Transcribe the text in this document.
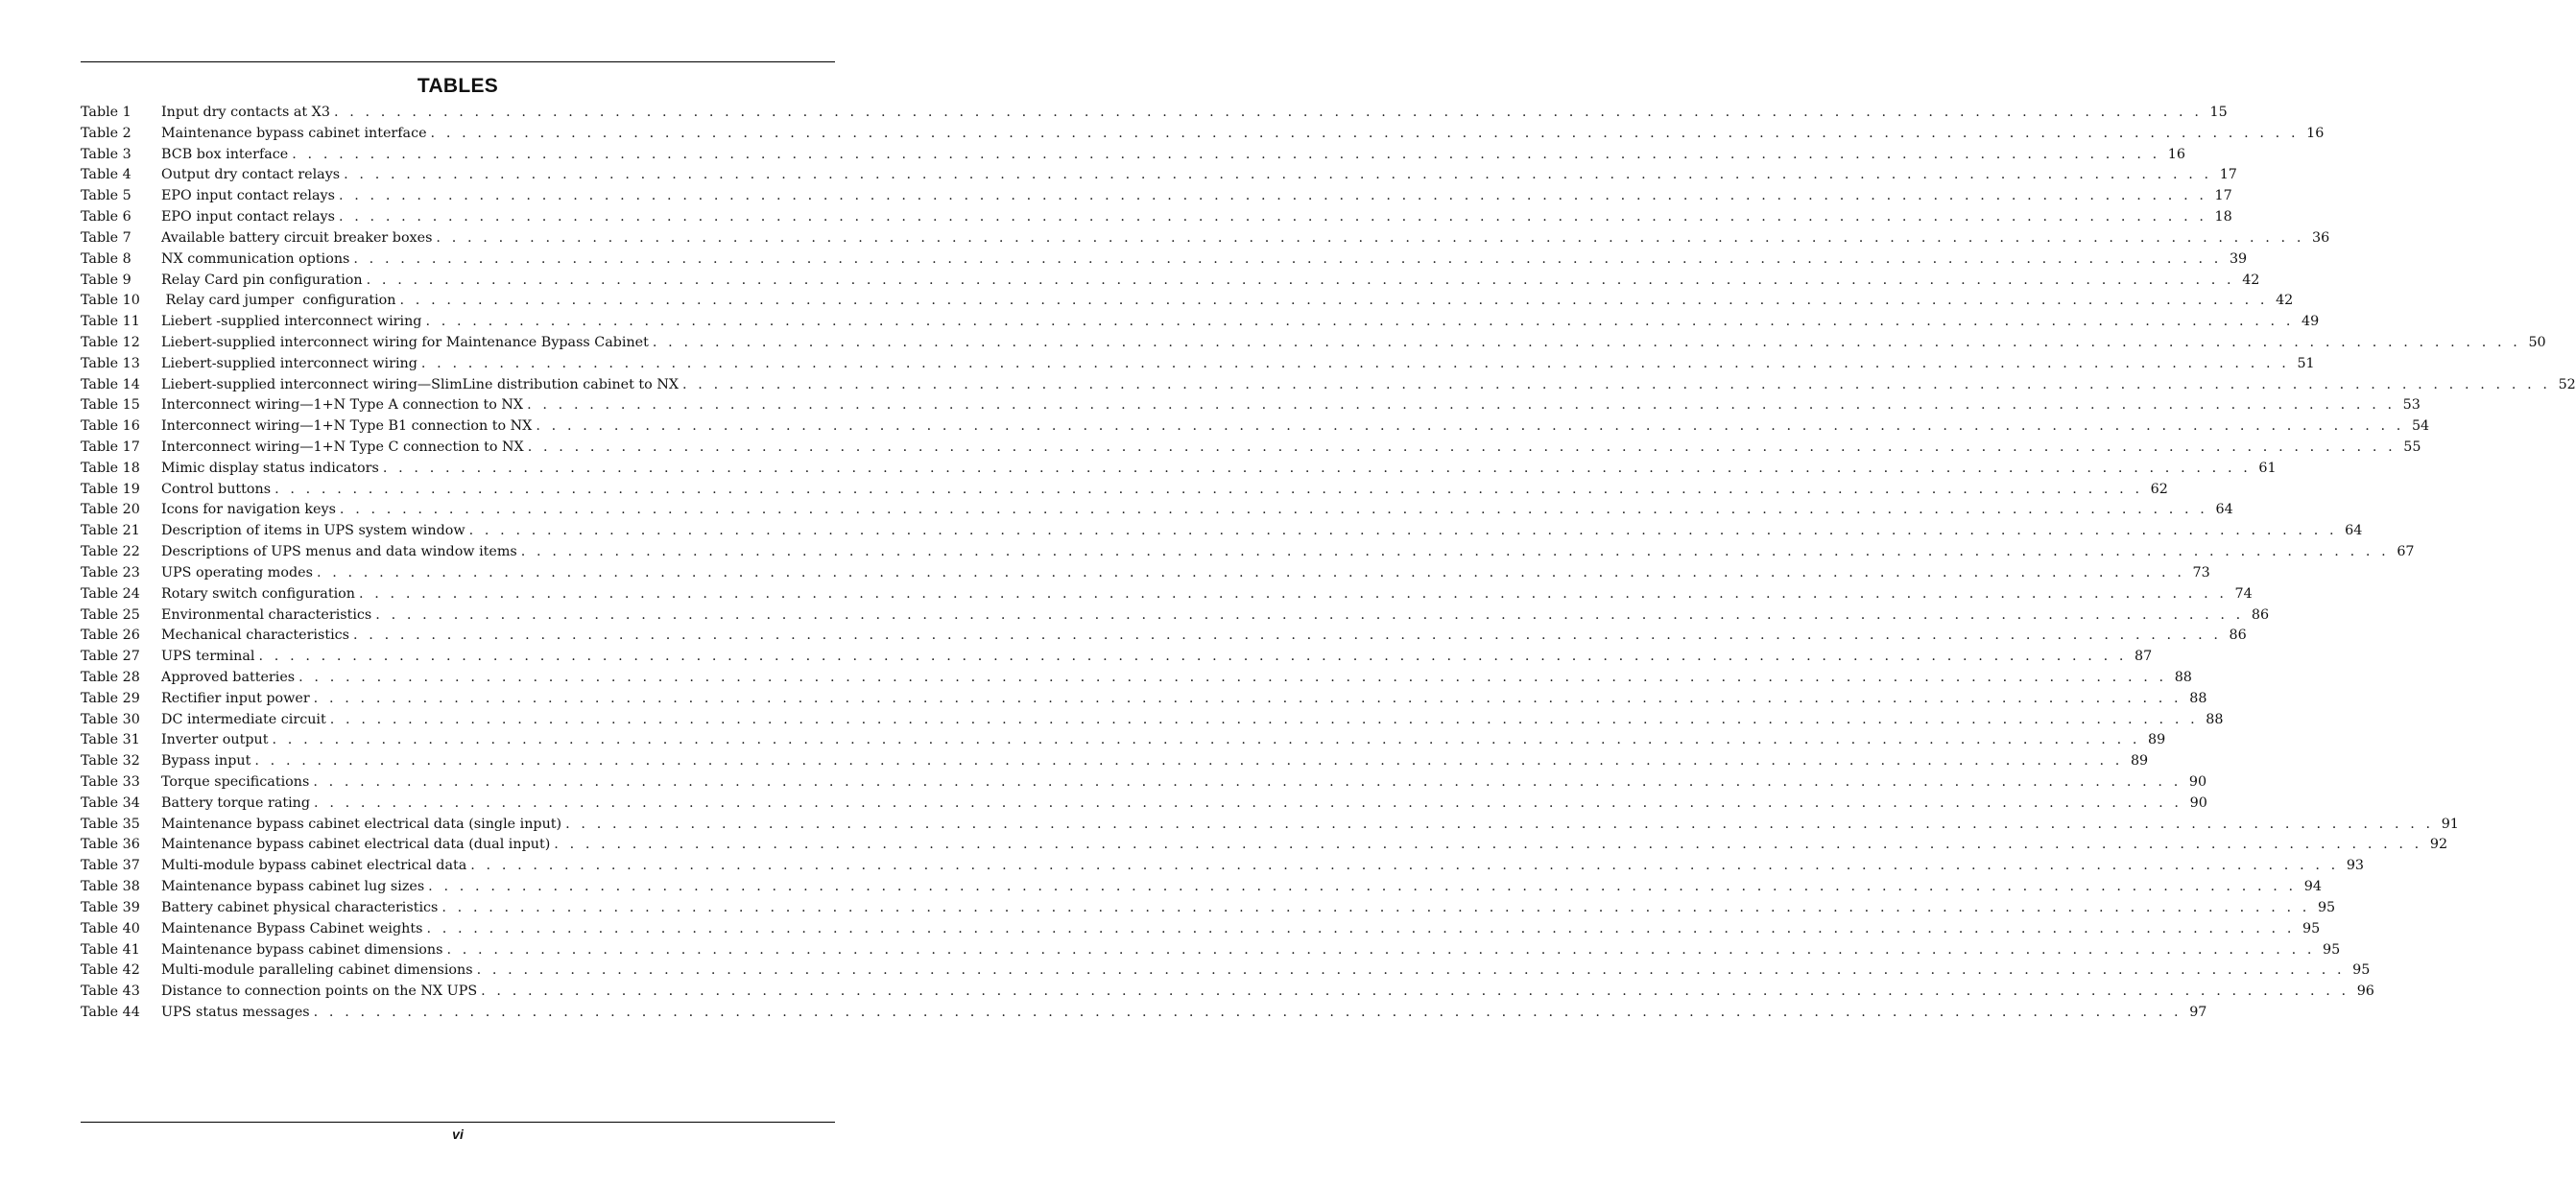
TABLES
Table 1 Input dry contacts at X3 . . . . . . . . . . . . . . . . . . . . . . . . . . . . . . . . . . . . . . . . . . . . . . . . . . . . . . . . . . . . . . . . . . . . . . . . . . . . . . . . . . . . . . . . . . . . . . . . . . . . . . . . . . . . . . . . . . . . . . . . 15
Table 2 Maintenance bypass cabinet interface . . . . . . . . . . . . . . . . . . . . . . . . . . . . . . . . . . . . . . . . . . . . . . . . . . . . . . . . . . . . . . . . . . . . . . . . . . . . . . . . . . . . . . . . . . . . . . . . . . . . . . . . . . . . . . . . . . . . . . . . 16
Table 3 BCB box interface . . . . . . . . . . . . . . . . . . . . . . . . . . . . . . . . . . . . . . . . . . . . . . . . . . . . . . . . . . . . . . . . . . . . . . . . . . . . . . . . . . . . . . . . . . . . . . . . . . . . . . . . . . . . . . . . . . . . . . . . 16
Table 4 Output dry contact relays . . . . . . . . . . . . . . . . . . . . . . . . . . . . . . . . . . . . . . . . . . . . . . . . . . . . . . . . . . . . . . . . . . . . . . . . . . . . . . . . . . . . . . . . . . . . . . . . . . . . . . . . . . . . . . . . . . . . . . . . 17
Table 5 EPO input contact relays . . . . . . . . . . . . . . . . . . . . . . . . . . . . . . . . . . . . . . . . . . . . . . . . . . . . . . . . . . . . . . . . . . . . . . . . . . . . . . . . . . . . . . . . . . . . . . . . . . . . . . . . . . . . . . . . . . . . . . . . 17
Table 6 EPO input contact relays . . . . . . . . . . . . . . . . . . . . . . . . . . . . . . . . . . . . . . . . . . . . . . . . . . . . . . . . . . . . . . . . . . . . . . . . . . . . . . . . . . . . . . . . . . . . . . . . . . . . . . . . . . . . . . . . . . . . . . . . 18
Table 7 Available battery circuit breaker boxes . . . . . . . . . . . . . . . . . . . . . . . . . . . . . . . . . . . . . . . . . . . . . . . . . . . . . . . . . . . . . . . . . . . . . . . . . . . . . . . . . . . . . . . . . . . . . . . . . . . . . . . . . . . . . . . . . . . . . . . . 36
Table 8 NX communication options . . . . . . . . . . . . . . . . . . . . . . . . . . . . . . . . . . . . . . . . . . . . . . . . . . . . . . . . . . . . . . . . . . . . . . . . . . . . . . . . . . . . . . . . . . . . . . . . . . . . . . . . . . . . . . . . . . . . . . . . 39
Table 9 Relay Card pin configuration . . . . . . . . . . . . . . . . . . . . . . . . . . . . . . . . . . . . . . . . . . . . . . . . . . . . . . . . . . . . . . . . . . . . . . . . . . . . . . . . . . . . . . . . . . . . . . . . . . . . . . . . . . . . . . . . . . . . . . . . 42
Table 10 Relay card jumper  configuration . . . . . . . . . . . . . . . . . . . . . . . . . . . . . . . . . . . . . . . . . . . . . . . . . . . . . . . . . . . . . . . . . . . . . . . . . . . . . . . . . . . . . . . . . . . . . . . . . . . . . . . . . . . . . . . . . . . . . . . . 42
Table 11 Liebert -supplied interconnect wiring . . . . . . . . . . . . . . . . . . . . . . . . . . . . . . . . . . . . . . . . . . . . . . . . . . . . . . . . . . . . . . . . . . . . . . . . . . . . . . . . . . . . . . . . . . . . . . . . . . . . . . . . . . . . . . . . . . . . . . . . 49
Table 12 Liebert-supplied interconnect wiring for Maintenance Bypass Cabinet . . . . . . . . . . . . . . . . . . . . . . . . . . . . . . . . . . . . . . . . . . . . . . . . . . . . . . . . . . . . . . . . . . . . . . . . . . . . . . . . . . . . . . . . . . . . . . . . . . . . . . . . . . . . . . . . . . . . . . . . 50
Table 13 Liebert-supplied interconnect wiring . . . . . . . . . . . . . . . . . . . . . . . . . . . . . . . . . . . . . . . . . . . . . . . . . . . . . . . . . . . . . . . . . . . . . . . . . . . . . . . . . . . . . . . . . . . . . . . . . . . . . . . . . . . . . . . . . . . . . . . . 51
Table 14 Liebert-supplied interconnect wiring—SlimLine distribution cabinet to NX . . . . . . . . . . . . . . . . . . . . . . . . . . . . . . . . . . . . . . . . . . . . . . . . . . . . . . . . . . . . . . . . . . . . . . . . . . . . . . . . . . . . . . . . . . . . . . . . . . . . . . . . . . . . . . . . . . . . . . . . 52
Table 15 Interconnect wiring—1+N Type A connection to NX . . . . . . . . . . . . . . . . . . . . . . . . . . . . . . . . . . . . . . . . . . . . . . . . . . . . . . . . . . . . . . . . . . . . . . . . . . . . . . . . . . . . . . . . . . . . . . . . . . . . . . . . . . . . . . . . . . . . . . . . 53
Table 16 Interconnect wiring—1+N Type B1 connection to NX . . . . . . . . . . . . . . . . . . . . . . . . . . . . . . . . . . . . . . . . . . . . . . . . . . . . . . . . . . . . . . . . . . . . . . . . . . . . . . . . . . . . . . . . . . . . . . . . . . . . . . . . . . . . . . . . . . . . . . . . 54
Table 17 Interconnect wiring—1+N Type C connection to NX . . . . . . . . . . . . . . . . . . . . . . . . . . . . . . . . . . . . . . . . . . . . . . . . . . . . . . . . . . . . . . . . . . . . . . . . . . . . . . . . . . . . . . . . . . . . . . . . . . . . . . . . . . . . . . . . . . . . . . . . 55
Table 18 Mimic display status indicators . . . . . . . . . . . . . . . . . . . . . . . . . . . . . . . . . . . . . . . . . . . . . . . . . . . . . . . . . . . . . . . . . . . . . . . . . . . . . . . . . . . . . . . . . . . . . . . . . . . . . . . . . . . . . . . . . . . . . . . . 61
Table 19 Control buttons . . . . . . . . . . . . . . . . . . . . . . . . . . . . . . . . . . . . . . . . . . . . . . . . . . . . . . . . . . . . . . . . . . . . . . . . . . . . . . . . . . . . . . . . . . . . . . . . . . . . . . . . . . . . . . . . . . . . . . . . 62
Table 20 Icons for navigation keys . . . . . . . . . . . . . . . . . . . . . . . . . . . . . . . . . . . . . . . . . . . . . . . . . . . . . . . . . . . . . . . . . . . . . . . . . . . . . . . . . . . . . . . . . . . . . . . . . . . . . . . . . . . . . . . . . . . . . . . . 64
Table 21 Description of items in UPS system window . . . . . . . . . . . . . . . . . . . . . . . . . . . . . . . . . . . . . . . . . . . . . . . . . . . . . . . . . . . . . . . . . . . . . . . . . . . . . . . . . . . . . . . . . . . . . . . . . . . . . . . . . . . . . . . . . . . . . . . . 64
Table 22 Descriptions of UPS menus and data window items . . . . . . . . . . . . . . . . . . . . . . . . . . . . . . . . . . . . . . . . . . . . . . . . . . . . . . . . . . . . . . . . . . . . . . . . . . . . . . . . . . . . . . . . . . . . . . . . . . . . . . . . . . . . . . . . . . . . . . . . 67
Table 23 UPS operating modes . . . . . . . . . . . . . . . . . . . . . . . . . . . . . . . . . . . . . . . . . . . . . . . . . . . . . . . . . . . . . . . . . . . . . . . . . . . . . . . . . . . . . . . . . . . . . . . . . . . . . . . . . . . . . . . . . . . . . . . . 73
Table 24 Rotary switch configuration . . . . . . . . . . . . . . . . . . . . . . . . . . . . . . . . . . . . . . . . . . . . . . . . . . . . . . . . . . . . . . . . . . . . . . . . . . . . . . . . . . . . . . . . . . . . . . . . . . . . . . . . . . . . . . . . . . . . . . . . 74
Table 25 Environmental characteristics . . . . . . . . . . . . . . . . . . . . . . . . . . . . . . . . . . . . . . . . . . . . . . . . . . . . . . . . . . . . . . . . . . . . . . . . . . . . . . . . . . . . . . . . . . . . . . . . . . . . . . . . . . . . . . . . . . . . . . . . 86
Table 26 Mechanical characteristics . . . . . . . . . . . . . . . . . . . . . . . . . . . . . . . . . . . . . . . . . . . . . . . . . . . . . . . . . . . . . . . . . . . . . . . . . . . . . . . . . . . . . . . . . . . . . . . . . . . . . . . . . . . . . . . . . . . . . . . . 86
Table 27 UPS terminal . . . . . . . . . . . . . . . . . . . . . . . . . . . . . . . . . . . . . . . . . . . . . . . . . . . . . . . . . . . . . . . . . . . . . . . . . . . . . . . . . . . . . . . . . . . . . . . . . . . . . . . . . . . . . . . . . . . . . . . . 87
Table 28 Approved batteries . . . . . . . . . . . . . . . . . . . . . . . . . . . . . . . . . . . . . . . . . . . . . . . . . . . . . . . . . . . . . . . . . . . . . . . . . . . . . . . . . . . . . . . . . . . . . . . . . . . . . . . . . . . . . . . . . . . . . . . . 88
Table 29 Rectifier input power . . . . . . . . . . . . . . . . . . . . . . . . . . . . . . . . . . . . . . . . . . . . . . . . . . . . . . . . . . . . . . . . . . . . . . . . . . . . . . . . . . . . . . . . . . . . . . . . . . . . . . . . . . . . . . . . . . . . . . . . 88
Table 30 DC intermediate circuit . . . . . . . . . . . . . . . . . . . . . . . . . . . . . . . . . . . . . . . . . . . . . . . . . . . . . . . . . . . . . . . . . . . . . . . . . . . . . . . . . . . . . . . . . . . . . . . . . . . . . . . . . . . . . . . . . . . . . . . . 88
Table 31 Inverter output . . . . . . . . . . . . . . . . . . . . . . . . . . . . . . . . . . . . . . . . . . . . . . . . . . . . . . . . . . . . . . . . . . . . . . . . . . . . . . . . . . . . . . . . . . . . . . . . . . . . . . . . . . . . . . . . . . . . . . . . 89
Table 32 Bypass input . . . . . . . . . . . . . . . . . . . . . . . . . . . . . . . . . . . . . . . . . . . . . . . . . . . . . . . . . . . . . . . . . . . . . . . . . . . . . . . . . . . . . . . . . . . . . . . . . . . . . . . . . . . . . . . . . . . . . . . . 89
Table 33 Torque specifications . . . . . . . . . . . . . . . . . . . . . . . . . . . . . . . . . . . . . . . . . . . . . . . . . . . . . . . . . . . . . . . . . . . . . . . . . . . . . . . . . . . . . . . . . . . . . . . . . . . . . . . . . . . . . . . . . . . . . . . . 90
Table 34 Battery torque rating . . . . . . . . . . . . . . . . . . . . . . . . . . . . . . . . . . . . . . . . . . . . . . . . . . . . . . . . . . . . . . . . . . . . . . . . . . . . . . . . . . . . . . . . . . . . . . . . . . . . . . . . . . . . . . . . . . . . . . . . 90
Table 35 Maintenance bypass cabinet electrical data (single input) . . . . . . . . . . . . . . . . . . . . . . . . . . . . . . . . . . . . . . . . . . . . . . . . . . . . . . . . . . . . . . . . . . . . . . . . . . . . . . . . . . . . . . . . . . . . . . . . . . . . . . . . . . . . . . . . . . . . . . . . 91
Table 36 Maintenance bypass cabinet electrical data (dual input) . . . . . . . . . . . . . . . . . . . . . . . . . . . . . . . . . . . . . . . . . . . . . . . . . . . . . . . . . . . . . . . . . . . . . . . . . . . . . . . . . . . . . . . . . . . . . . . . . . . . . . . . . . . . . . . . . . . . . . . . 92
Table 37 Multi-module bypass cabinet electrical data . . . . . . . . . . . . . . . . . . . . . . . . . . . . . . . . . . . . . . . . . . . . . . . . . . . . . . . . . . . . . . . . . . . . . . . . . . . . . . . . . . . . . . . . . . . . . . . . . . . . . . . . . . . . . . . . . . . . . . . . 93
Table 38 Maintenance bypass cabinet lug sizes . . . . . . . . . . . . . . . . . . . . . . . . . . . . . . . . . . . . . . . . . . . . . . . . . . . . . . . . . . . . . . . . . . . . . . . . . . . . . . . . . . . . . . . . . . . . . . . . . . . . . . . . . . . . . . . . . . . . . . . . 94
Table 39 Battery cabinet physical characteristics . . . . . . . . . . . . . . . . . . . . . . . . . . . . . . . . . . . . . . . . . . . . . . . . . . . . . . . . . . . . . . . . . . . . . . . . . . . . . . . . . . . . . . . . . . . . . . . . . . . . . . . . . . . . . . . . . . . . . . . . 95
Table 40 Maintenance Bypass Cabinet weights . . . . . . . . . . . . . . . . . . . . . . . . . . . . . . . . . . . . . . . . . . . . . . . . . . . . . . . . . . . . . . . . . . . . . . . . . . . . . . . . . . . . . . . . . . . . . . . . . . . . . . . . . . . . . . . . . . . . . . . . 95
Table 41 Maintenance bypass cabinet dimensions . . . . . . . . . . . . . . . . . . . . . . . . . . . . . . . . . . . . . . . . . . . . . . . . . . . . . . . . . . . . . . . . . . . . . . . . . . . . . . . . . . . . . . . . . . . . . . . . . . . . . . . . . . . . . . . . . . . . . . . . 95
Table 42 Multi-module paralleling cabinet dimensions . . . . . . . . . . . . . . . . . . . . . . . . . . . . . . . . . . . . . . . . . . . . . . . . . . . . . . . . . . . . . . . . . . . . . . . . . . . . . . . . . . . . . . . . . . . . . . . . . . . . . . . . . . . . . . . . . . . . . . . . 95
Table 43 Distance to connection points on the NX UPS . . . . . . . . . . . . . . . . . . . . . . . . . . . . . . . . . . . . . . . . . . . . . . . . . . . . . . . . . . . . . . . . . . . . . . . . . . . . . . . . . . . . . . . . . . . . . . . . . . . . . . . . . . . . . . . . . . . . . . . . 96
Table 44 UPS status messages . . . . . . . . . . . . . . . . . . . . . . . . . . . . . . . . . . . . . . . . . . . . . . . . . . . . . . . . . . . . . . . . . . . . . . . . . . . . . . . . . . . . . . . . . . . . . . . . . . . . . . . . . . . . . . . . . . . . . . . . 97
vi
